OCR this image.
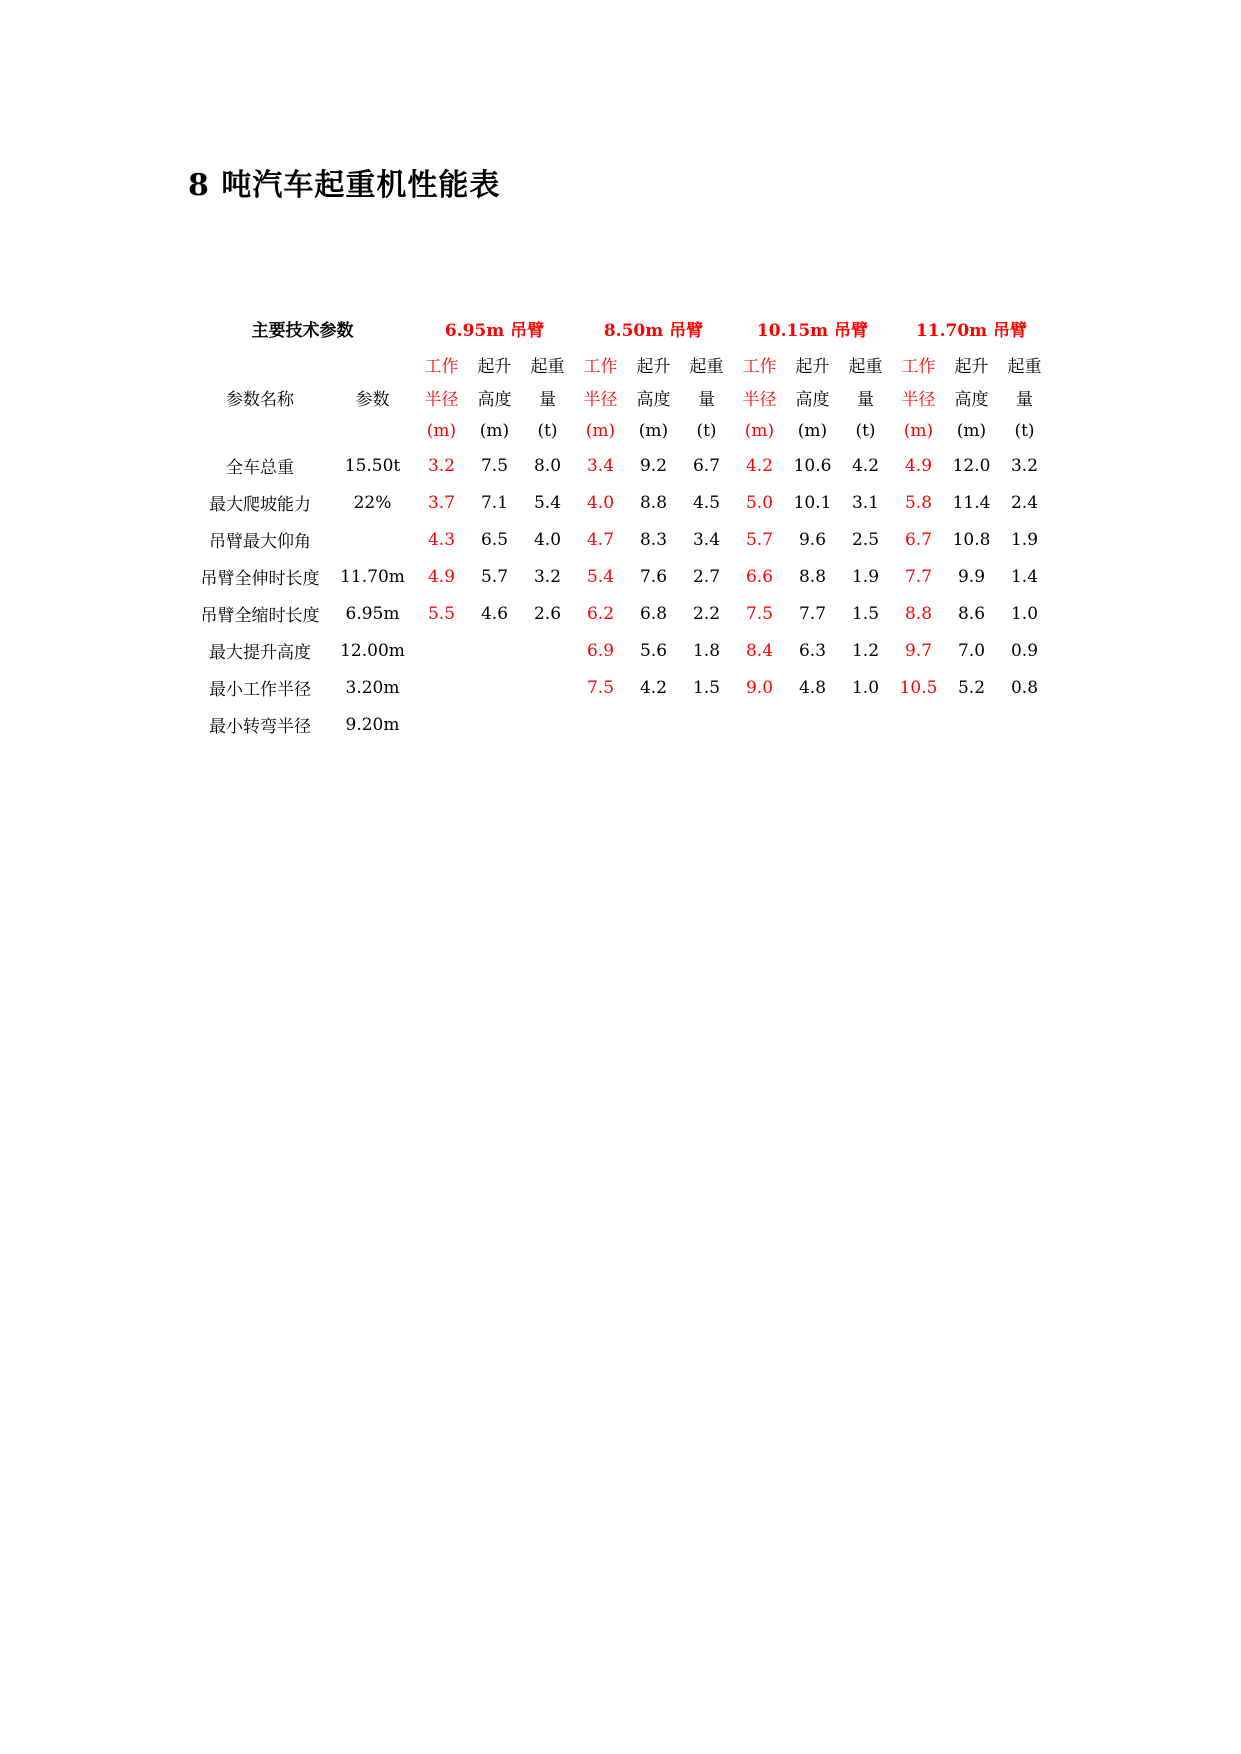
8 吨汽车起重机性能表
主要技术参数		6.95m 吊臂			8.50m 吊臂			10.15m 吊臂			11.70m 吊臂		
参数名称	参数	工作	起升	起重	工作	起升	起重	工作	起升	起重	工作	起升	起重
		半径	高度	量	半径	高度	量	半径	高度	量	半径	高度	量
		(m)	(m)	(t)	(m)	(m)	(t)	(m)	(m)	(t)	(m)	(m)	(t)
全车总重	15.50t	3.2	7.5	8.0	3.4	9.2	6.7	4.2	10.6	4.2	4.9	12.0	3.2
最大爬坡能力	22%	3.7	7.1	5.4	4.0	8.8	4.5	5.0	10.1	3.1	5.8	11.4	2.4
吊臂最大仰角		4.3	6.5	4.0	4.7	8.3	3.4	5.7	9.6	2.5	6.7	10.8	1.9
吊臂全伸时长度	11.70m	4.9	5.7	3.2	5.4	7.6	2.7	6.6	8.8	1.9	7.7	9.9	1.4
吊臂全缩时长度	6.95m	5.5	4.6	2.6	6.2	6.8	2.2	7.5	7.7	1.5	8.8	8.6	1.0
最大提升高度	12.00m				6.9	5.6	1.8	8.4	6.3	1.2	9.7	7.0	0.9
最小工作半径	3.20m				7.5	4.2	1.5	9.0	4.8	1.0	10.5	5.2	0.8
最小转弯半径	9.20m												
